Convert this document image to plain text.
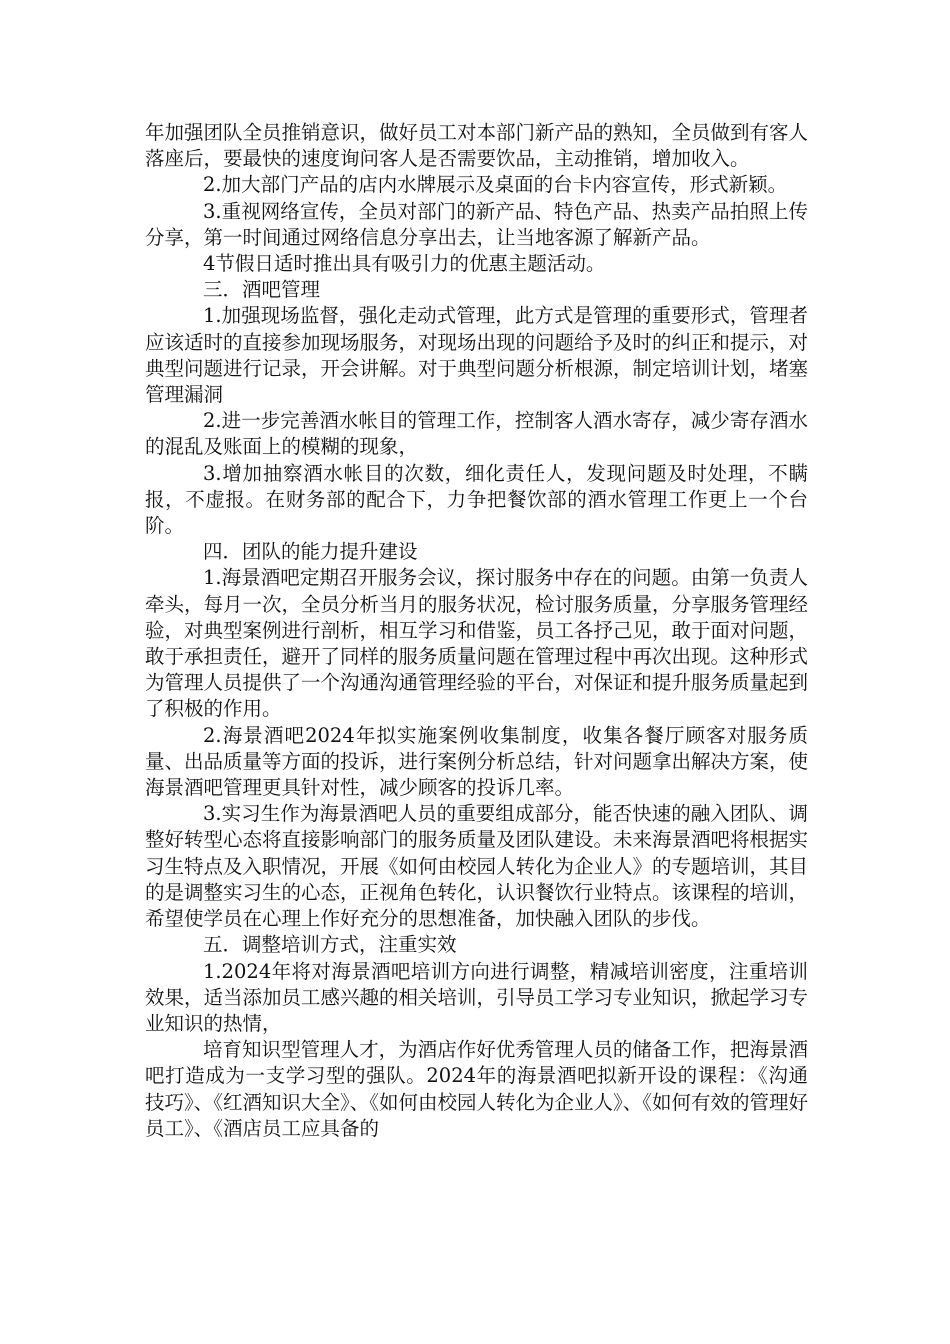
年加强团队全员推销意识，做好员工对本部门新产品的熟知，全员做到有客人落座后，要最快的速度询问客人是否需要饮品，主动推销，增加收入。

2.加大部门产品的店内水牌展示及桌面的台卡内容宣传，形式新颖。

3.重视网络宣传，全员对部门的新产品、特色产品、热卖产品拍照上传分享，第一时间通过网络信息分享出去，让当地客源了解新产品。

4节假日适时推出具有吸引力的优惠主题活动。

三．酒吧管理

1.加强现场监督，强化走动式管理，此方式是管理的重要形式，管理者应该适时的直接参加现场服务，对现场出现的问题给予及时的纠正和提示，对典型问题进行记录，开会讲解。对于典型问题分析根源，制定培训计划，堵塞管理漏洞

2.进一步完善酒水帐目的管理工作，控制客人酒水寄存，减少寄存酒水的混乱及账面上的模糊的现象，

3.增加抽察酒水帐目的次数，细化责任人，发现问题及时处理，不瞒报，不虚报。在财务部的配合下，力争把餐饮部的酒水管理工作更上一个台阶。

四．团队的能力提升建设

1.海景酒吧定期召开服务会议，探讨服务中存在的问题。由第一负责人牵头，每月一次，全员分析当月的服务状况，检讨服务质量，分享服务管理经验，对典型案例进行剖析，相互学习和借鉴，员工各抒己见，敢于面对问题，敢于承担责任，避开了同样的服务质量问题在管理过程中再次出现。这种形式为管理人员提供了一个沟通沟通管理经验的平台，对保证和提升服务质量起到了积极的作用。

2.海景酒吧2024年拟实施案例收集制度，收集各餐厅顾客对服务质量、出品质量等方面的投诉，进行案例分析总结，针对问题拿出解决方案，使海景酒吧管理更具针对性，减少顾客的投诉几率。

3.实习生作为海景酒吧人员的重要组成部分，能否快速的融入团队、调整好转型心态将直接影响部门的服务质量及团队建设。未来海景酒吧将根据实习生特点及入职情况，开展《如何由校园人转化为企业人》的专题培训，其目的是调整实习生的心态，正视角色转化，认识餐饮行业特点。该课程的培训，希望使学员在心理上作好充分的思想准备，加快融入团队的步伐。

五．调整培训方式，注重实效

1.2024年将对海景酒吧培训方向进行调整，精减培训密度，注重培训效果，适当添加员工感兴趣的相关培训，引导员工学习专业知识，掀起学习专业知识的热情，

培育知识型管理人才，为酒店作好优秀管理人员的储备工作，把海景酒吧打造成为一支学习型的强队。2024年的海景酒吧拟新开设的课程：《沟通技巧》、《红酒知识大全》、《如何由校园人转化为企业人》、《如何有效的管理好员工》、《酒店员工应具备的
